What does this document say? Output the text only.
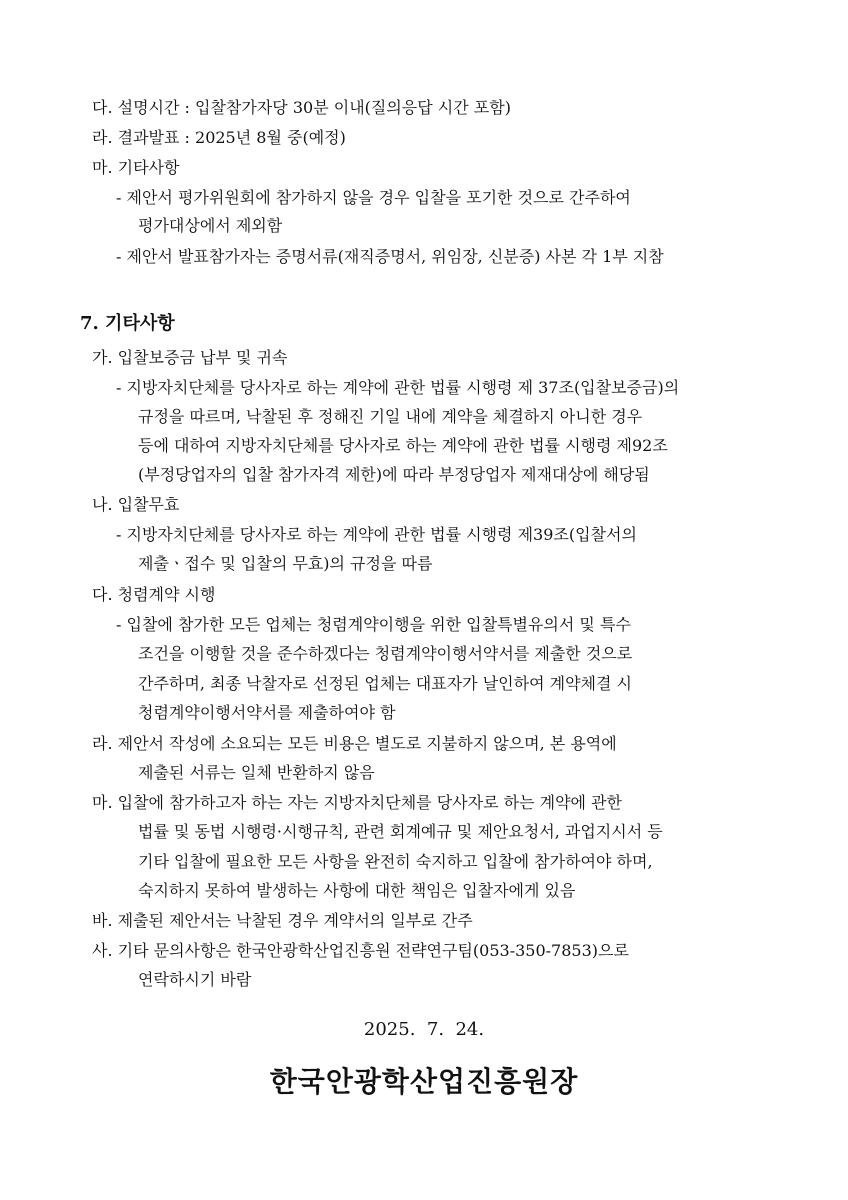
다. 설명시간 : 입찰참가자당 30분 이내(질의응답 시간 포함)
라. 결과발표 : 2025년 8월 중(예정)
마. 기타사항
- 제안서 평가위원회에 참가하지 않을 경우 입찰을 포기한 것으로 간주하여
평가대상에서 제외함
- 제안서 발표참가자는 증명서류(재직증명서, 위임장, 신분증) 사본 각 1부 지참
7. 기타사항
가. 입찰보증금 납부 및 귀속
- 지방자치단체를 당사자로 하는 계약에 관한 법률 시행령 제 37조(입찰보증금)의
규정을 따르며, 낙찰된 후 정해진 기일 내에 계약을 체결하지 아니한 경우
등에 대하여 지방자치단체를 당사자로 하는 계약에 관한 법률 시행령 제92조
(부정당업자의 입찰 참가자격 제한)에 따라 부정당업자 제재대상에 해당됨
나. 입찰무효
- 지방자치단체를 당사자로 하는 계약에 관한 법률 시행령 제39조(입찰서의
제출ㆍ접수 및 입찰의 무효)의 규정을 따름
다. 청렴계약 시행
- 입찰에 참가한 모든 업체는 청렴계약이행을 위한 입찰특별유의서 및 특수
조건을 이행할 것을 준수하겠다는 청렴계약이행서약서를 제출한 것으로
간주하며, 최종 낙찰자로 선정된 업체는 대표자가 날인하여 계약체결 시
청렴계약이행서약서를 제출하여야 함
라. 제안서 작성에 소요되는 모든 비용은 별도로 지불하지 않으며, 본 용역에
제출된 서류는 일체 반환하지 않음
마. 입찰에 참가하고자 하는 자는 지방자치단체를 당사자로 하는 계약에 관한
법률 및 동법 시행령·시행규칙, 관련 회계예규 및 제안요청서, 과업지시서 등
기타 입찰에 필요한 모든 사항을 완전히 숙지하고 입찰에 참가하여야 하며,
숙지하지 못하여 발생하는 사항에 대한 책임은 입찰자에게 있음
바. 제출된 제안서는 낙찰된 경우 계약서의 일부로 간주
사. 기타 문의사항은 한국안광학산업진흥원 전략연구팀(053-350-7853)으로
연락하시기 바람
2025.  7.  24.
한국안광학산업진흥원장
